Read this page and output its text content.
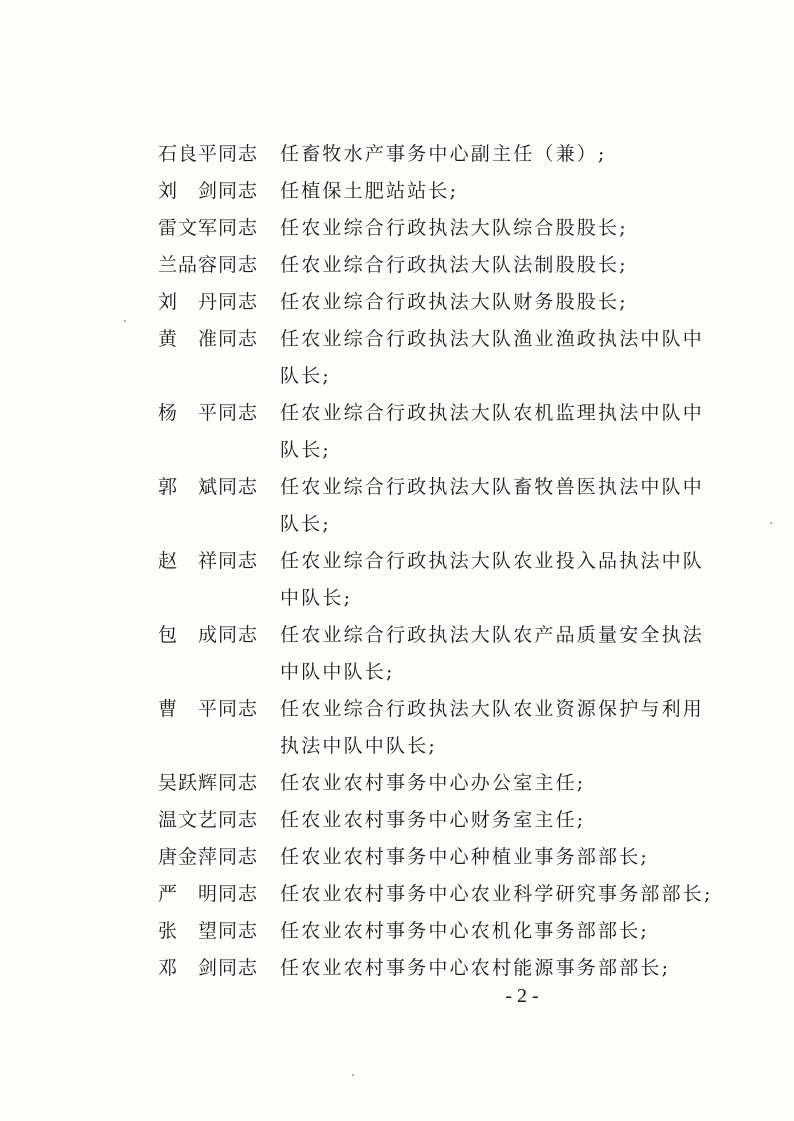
石良平同志	任畜牧水产事务中心副主任（兼）;
刘　剑同志	任植保土肥站站长;
雷文军同志	任农业综合行政执法大队综合股股长;
兰品容同志	任农业综合行政执法大队法制股股长;
刘　丹同志	任农业综合行政执法大队财务股股长;
黄　准同志	任农业综合行政执法大队渔业渔政执法中队中队长;
杨　平同志	任农业综合行政执法大队农机监理执法中队中队长;
郭　斌同志	任农业综合行政执法大队畜牧兽医执法中队中队长;
赵　祥同志	任农业综合行政执法大队农业投入品执法中队中队长;
包　成同志	任农业综合行政执法大队农产品质量安全执法中队中队长;
曹　平同志	任农业综合行政执法大队农业资源保护与利用执法中队中队长;
吴跃辉同志	任农业农村事务中心办公室主任;
温文艺同志	任农业农村事务中心财务室主任;
唐金萍同志	任农业农村事务中心种植业事务部部长;
严　明同志	任农业农村事务中心农业科学研究事务部部长;
张　望同志	任农业农村事务中心农机化事务部部长;
邓　剑同志	任农业农村事务中心农村能源事务部部长;
- 2 -
